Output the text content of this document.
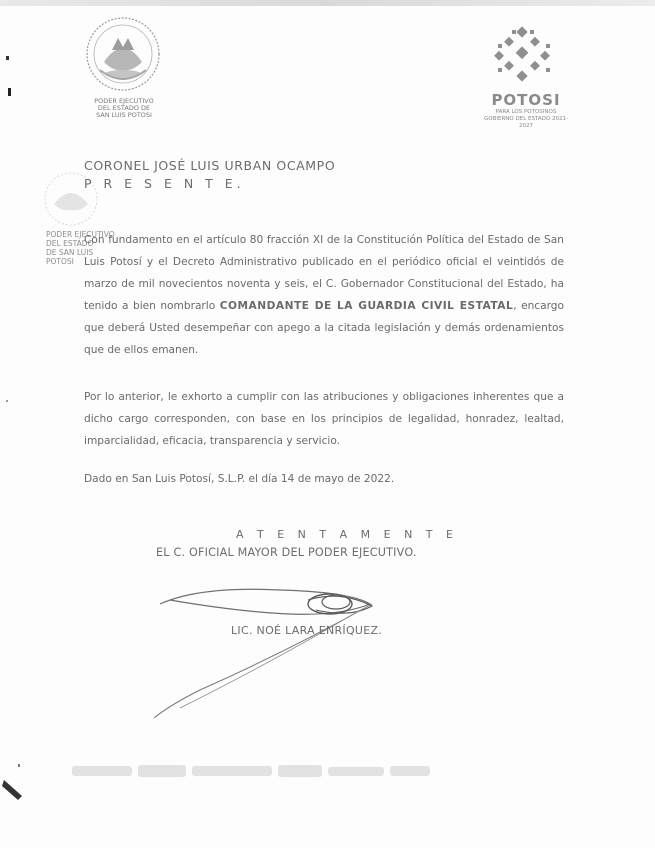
PODER EJECUTIVO
DEL ESTADO DE
SAN LUIS POTOSI
POTOSI
PARA LOS POTOSINOS
GOBIERNO DEL ESTADO 2021-2027
PODER EJECUTIVO
DEL ESTADO
DE SAN LUIS POTOSI
CORONEL JOSÉ LUIS URBAN OCAMPO
P R E S E N T E.
Con fundamento en el artículo 80 fracción XI de la Constitución Política del Estado de San Luis Potosí y el Decreto Administrativo publicado en el periódico oficial el veintidós de marzo de mil novecientos noventa y seis, el C. Gobernador Constitucional del Estado, ha tenido a bien nombrarlo COMANDANTE DE LA GUARDIA CIVIL ESTATAL, encargo que deberá Usted desempeñar con apego a la citada legislación y demás ordenamientos que de ellos emanen.
Por lo anterior, le exhorto a cumplir con las atribuciones y obligaciones inherentes que a dicho cargo corresponden, con base en los principios de legalidad, honradez, lealtad, imparcialidad, eficacia, transparencia y servicio.
Dado en San Luis Potosí, S.L.P. el día 14 de mayo de 2022.
A T E N T A M E N T E
EL C. OFICIAL MAYOR DEL PODER EJECUTIVO.
LIC. NOÉ LARA ENRÍQUEZ.
